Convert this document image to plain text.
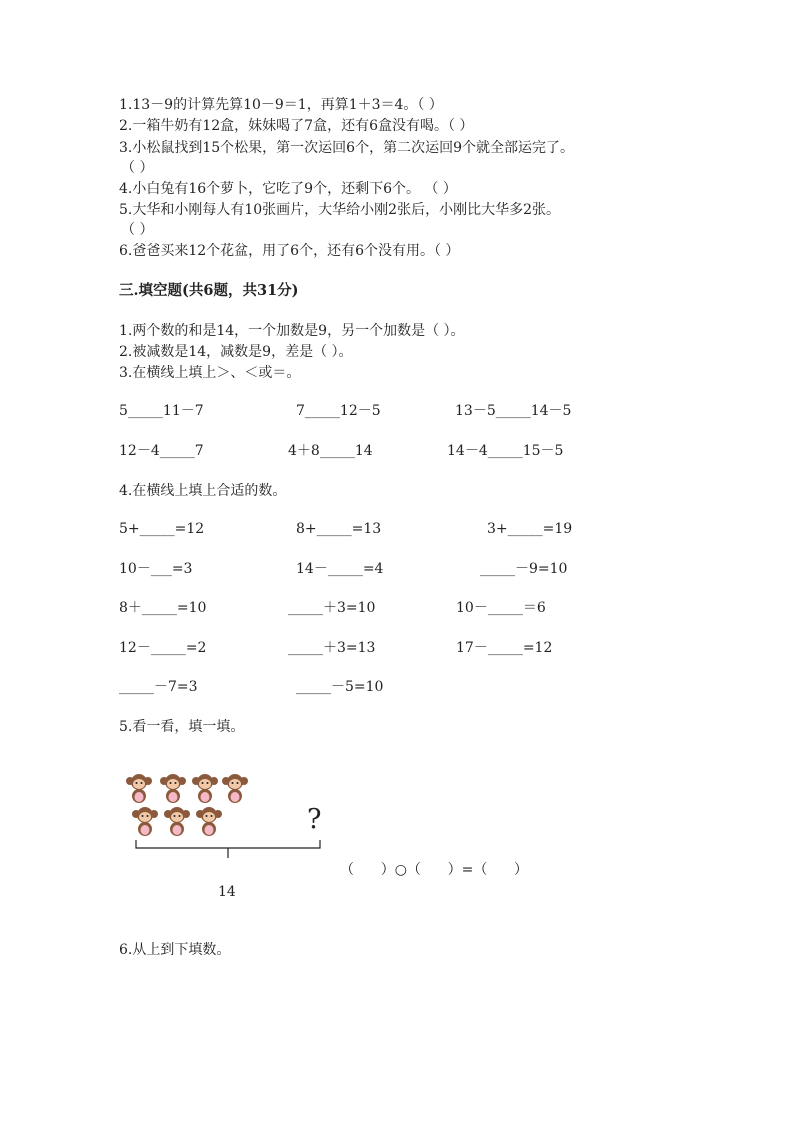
1.13－9的计算先算10－9＝1，再算1＋3＝4。（ ）
2.一箱牛奶有12盒，妹妹喝了7盒，还有6盒没有喝。（ ）
3.小松鼠找到15个松果，第一次运回6个，第二次运回9个就全部运完了。
（ ）
4.小白兔有16个萝卜，它吃了9个，还剩下6个。 （ ）
5.大华和小刚每人有10张画片，大华给小刚2张后，小刚比大华多2张。
（ ）
6.爸爸买来12个花盆，用了6个，还有6个没有用。（ ）
三.填空题(共6题，共31分)
1.两个数的和是14，一个加数是9，另一个加数是（ ）。
2.被减数是14，减数是9，差是（ ）。
3.在横线上填上＞、＜或＝。
5_____11－7	7_____12－5	13－5_____14－5
12－4_____7	4＋8_____14	14－4_____15－5
4.在横线上填上合适的数。
5+_____=12	8+_____=13	3+_____=19
10－___=3	14－_____=4	_____－9=10
8＋_____=10	_____＋3=10	10－_____＝6
12－_____=2	_____＋3=13	17－_____=12
_____－7=3	_____－5=10
5.看一看，填一填。
?
14
（      ）○（      ）=（      ）
6.从上到下填数。
